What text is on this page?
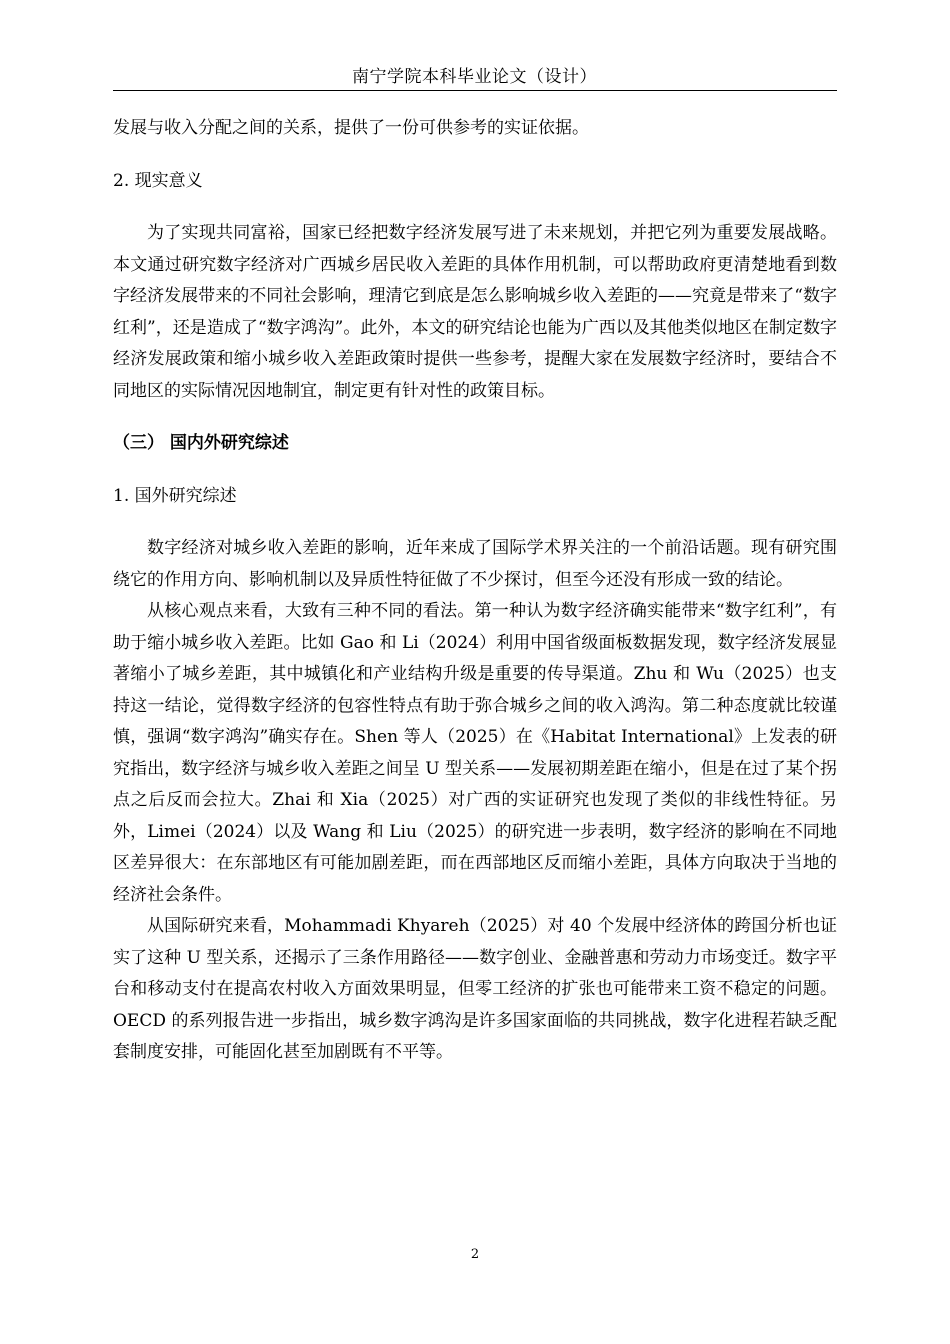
南宁学院本科毕业论文（设计）

发展与收入分配之间的关系，提供了一份可供参考的实证依据。

2. 现实意义

为了实现共同富裕，国家已经把数字经济发展写进了未来规划，并把它列为重要发展战略。本文通过研究数字经济对广西城乡居民收入差距的具体作用机制，可以帮助政府更清楚地看到数字经济发展带来的不同社会影响，理清它到底是怎么影响城乡收入差距的——究竟是带来了“数字红利”，还是造成了“数字鸿沟”。此外，本文的研究结论也能为广西以及其他类似地区在制定数字经济发展政策和缩小城乡收入差距政策时提供一些参考，提醒大家在发展数字经济时，要结合不同地区的实际情况因地制宜，制定更有针对性的政策目标。

（三） 国内外研究综述

1. 国外研究综述

数字经济对城乡收入差距的影响，近年来成了国际学术界关注的一个前沿话题。现有研究围绕它的作用方向、影响机制以及异质性特征做了不少探讨，但至今还没有形成一致的结论。

从核心观点来看，大致有三种不同的看法。第一种认为数字经济确实能带来“数字红利”，有助于缩小城乡收入差距。比如 Gao 和 Li（2024）利用中国省级面板数据发现，数字经济发展显著缩小了城乡差距，其中城镇化和产业结构升级是重要的传导渠道。Zhu 和 Wu（2025）也支持这一结论，觉得数字经济的包容性特点有助于弥合城乡之间的收入鸿沟。第二种态度就比较谨慎，强调“数字鸿沟”确实存在。Shen 等人（2025）在《Habitat International》上发表的研究指出，数字经济与城乡收入差距之间呈 U 型关系——发展初期差距在缩小，但是在过了某个拐点之后反而会拉大。Zhai 和 Xia（2025）对广西的实证研究也发现了类似的非线性特征。另外，Limei（2024）以及 Wang 和 Liu（2025）的研究进一步表明，数字经济的影响在不同地区差异很大：在东部地区有可能加剧差距，而在西部地区反而缩小差距，具体方向取决于当地的经济社会条件。

从国际研究来看，Mohammadi Khyareh（2025）对 40 个发展中经济体的跨国分析也证实了这种 U 型关系，还揭示了三条作用路径——数字创业、金融普惠和劳动力市场变迁。数字平台和移动支付在提高农村收入方面效果明显，但零工经济的扩张也可能带来工资不稳定的问题。OECD 的系列报告进一步指出，城乡数字鸿沟是许多国家面临的共同挑战，数字化进程若缺乏配套制度安排，可能固化甚至加剧既有不平等。

2
